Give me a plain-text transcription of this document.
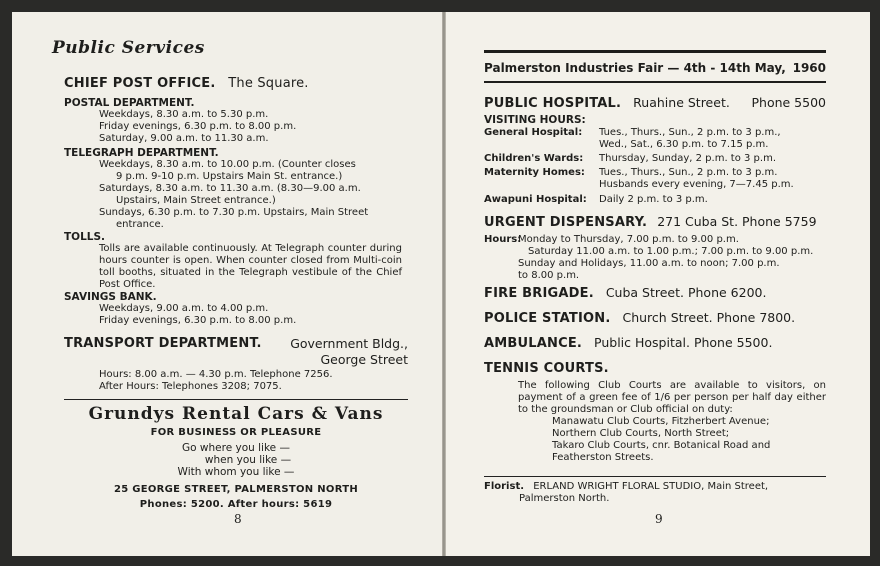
Public Services
CHIEF POST OFFICE. The Square.
POSTAL DEPARTMENT.
Weekdays, 8.30 a.m. to 5.30 p.m.
Friday evenings, 6.30 p.m. to 8.00 p.m.
Saturday, 9.00 a.m. to 11.30 a.m.
TELEGRAPH DEPARTMENT.
Weekdays, 8.30 a.m. to 10.00 p.m. (Counter closes
9 p.m. 9-10 p.m. Upstairs Main St. entrance.)
Saturdays, 8.30 a.m. to 11.30 a.m. (8.30—9.00 a.m.
Upstairs, Main Street entrance.)
Sundays, 6.30 p.m. to 7.30 p.m. Upstairs, Main Street
entrance.
TOLLS.
Tolls are available continuously. At Telegraph counter during hours counter is open. When counter closed from Multi-coin toll booths, situated in the Telegraph vestibule of the Chief Post Office.
SAVINGS BANK.
Weekdays, 9.00 a.m. to 4.00 p.m.
Friday evenings, 6.30 p.m. to 8.00 p.m.
TRANSPORT DEPARTMENT. Government Bldg.,
George Street
Hours: 8.00 a.m. — 4.30 p.m. Telephone 7256.
After Hours: Telephones 3208; 7075.
Grundys Rental Cars & Vans
FOR BUSINESS OR PLEASURE
Go where you like —
when you like —
With whom you like —
25 GEORGE STREET, PALMERSTON NORTH
Phones: 5200. After hours: 5619
8
Palmerston Industries Fair — 4th - 14th May, 1960
PUBLIC HOSPITAL. Ruahine Street. Phone 5500
VISITING HOURS:
General Hospital:	Tues., Thurs., Sun., 2 p.m. to 3 p.m.,
Wed., Sat., 6.30 p.m. to 7.15 p.m.
Children's Wards:	Thursday, Sunday, 2 p.m. to 3 p.m.
Maternity Homes:	Tues., Thurs., Sun., 2 p.m. to 3 p.m.
Husbands every evening, 7—7.45 p.m.
Awapuni Hospital:	Daily 2 p.m. to 3 p.m.
URGENT DISPENSARY. 271 Cuba St. Phone 5759
Hours:
Monday to Thursday, 7.00 p.m. to 9.00 p.m.
Saturday 11.00 a.m. to 1.00 p.m.; 7.00 p.m. to 9.00 p.m.
Sunday and Holidays, 11.00 a.m. to noon; 7.00 p.m.
to 8.00 p.m.
FIRE BRIGADE. Cuba Street. Phone 6200.
POLICE STATION. Church Street. Phone 7800.
AMBULANCE. Public Hospital. Phone 5500.
TENNIS COURTS.
The following Club Courts are available to visitors, on payment of a green fee of 1/6 per person per half day either to the groundsman or Club official on duty:
Manawatu Club Courts, Fitzherbert Avenue;
Northern Club Courts, North Street;
Takaro Club Courts, cnr. Botanical Road and
Featherston Streets.
Florist. ERLAND WRIGHT FLORAL STUDIO, Main Street,
Palmerston North.
9
